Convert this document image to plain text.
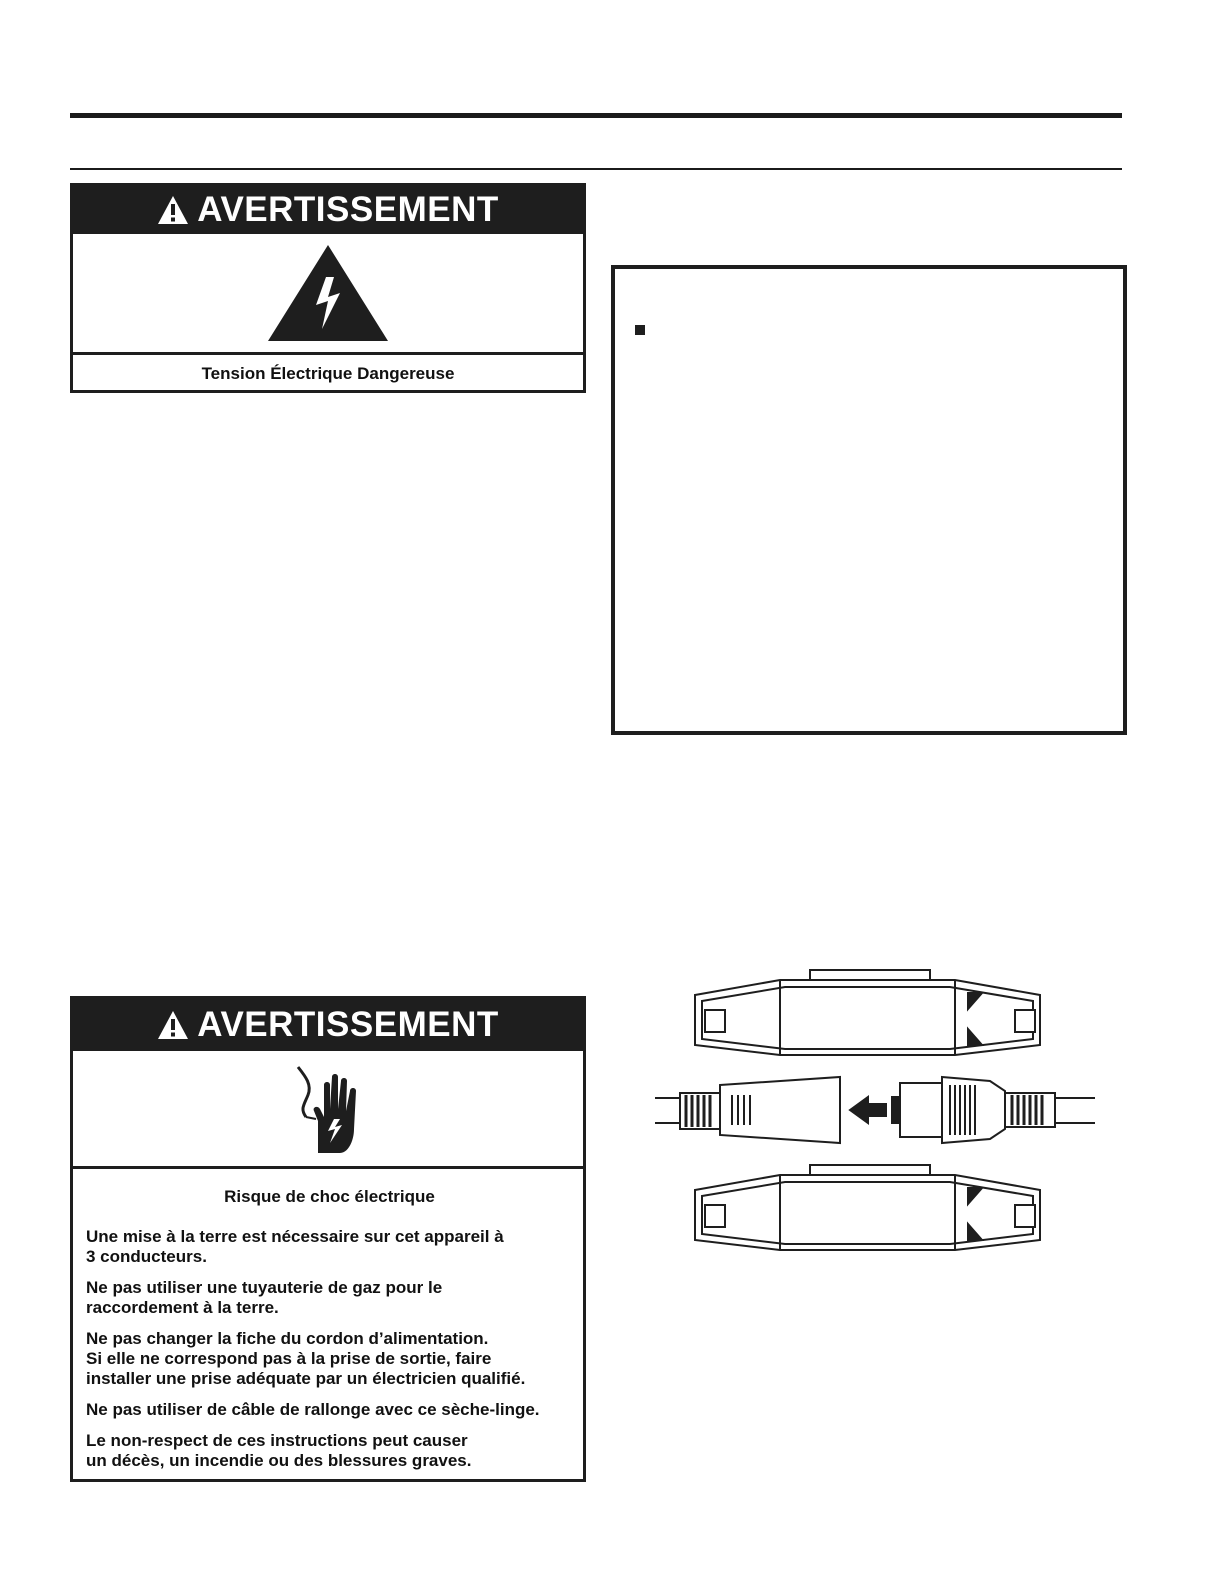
AVERTISSEMENT
Tension Électrique Dangereuse
AVERTISSEMENT
Risque de choc électrique
Une mise à la terre est nécessaire sur cet appareil à
3 conducteurs.
Ne pas utiliser une tuyauterie de gaz pour le
raccordement à la terre.
Ne pas changer la fiche du cordon d’alimentation.
Si elle ne correspond pas à la prise de sortie, faire
installer une prise adéquate par un électricien qualifié.
Ne pas utiliser de câble de rallonge avec ce sèche-linge.
Le non-respect de ces instructions peut causer
un décès, un incendie ou des blessures graves.
